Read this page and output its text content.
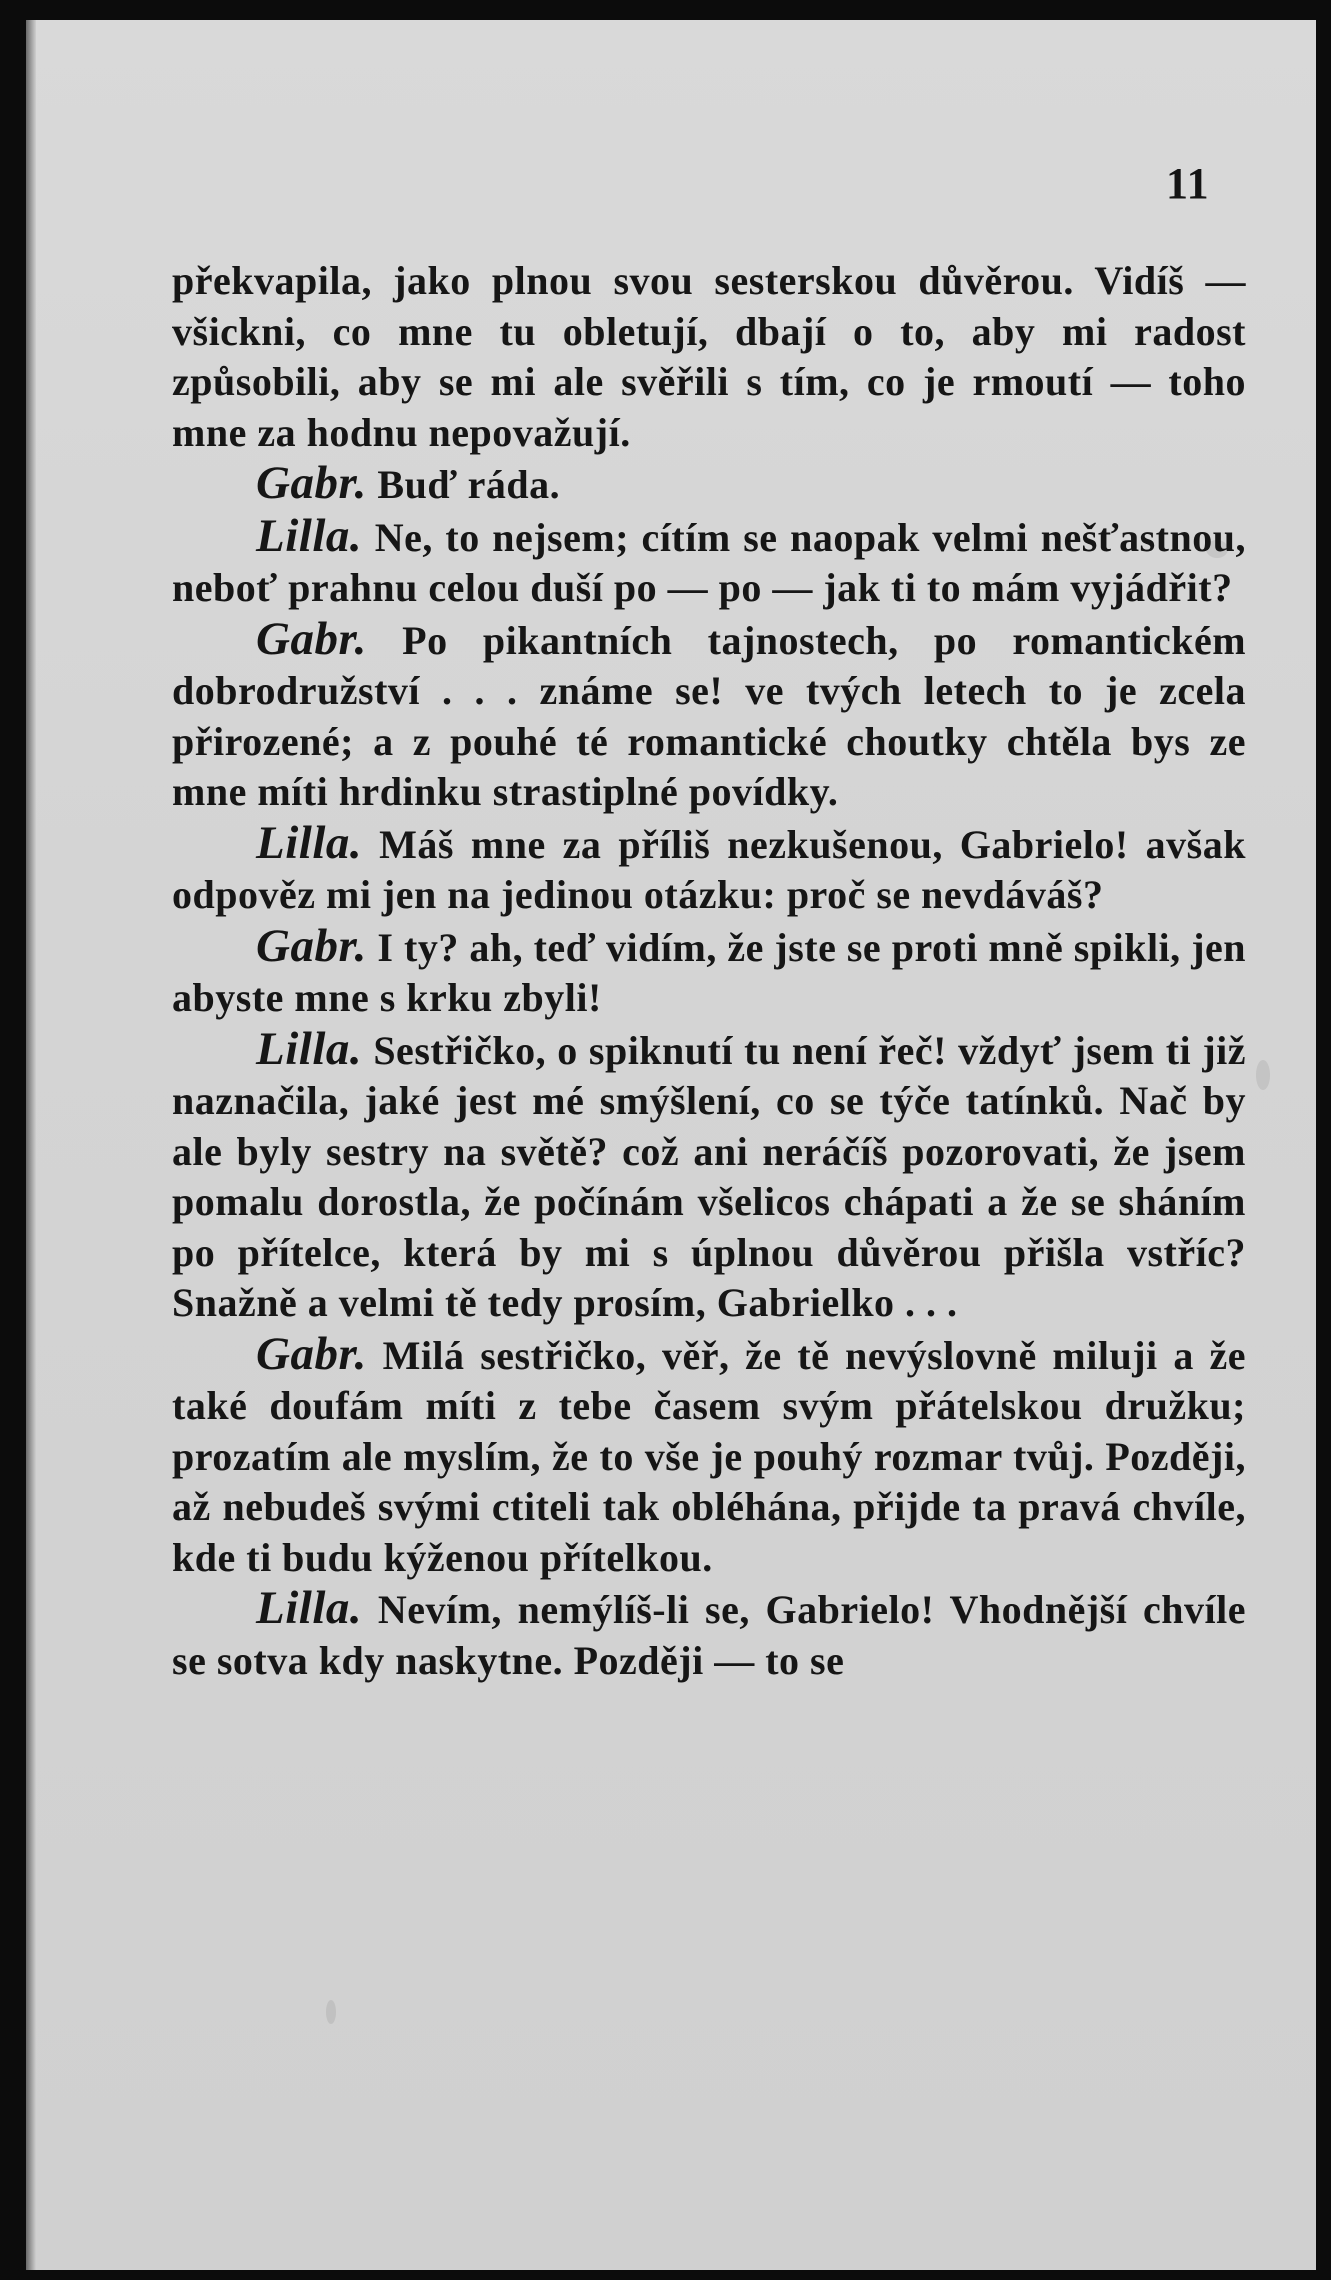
11

překvapila, jako plnou svou sesterskou důvěrou. Vidíš — všickni, co mne tu obletují, dbají o to, aby mi radost způsobili, aby se mi ale svěřili s tím, co je rmoutí — toho mne za hodnu nepovažují.

Gabr. Buď ráda.

Lilla. Ne, to nejsem; cítím se naopak velmi nešťastnou, neboť prahnu celou duší po — po — jak ti to mám vyjádřit?

Gabr. Po pikantních tajnostech, po romantickém dobrodružství . . . známe se! ve tvých letech to je zcela přirozené; a z pouhé té romantické choutky chtěla bys ze mne míti hrdinku strastiplné povídky.

Lilla. Máš mne za příliš nezkušenou, Gabrielo! avšak odpověz mi jen na jedinou otázku: proč se nevdáváš?

Gabr. I ty? ah, teď vidím, že jste se proti mně spikli, jen abyste mne s krku zbyli!

Lilla. Sestřičko, o spiknutí tu není řeč! vždyť jsem ti již naznačila, jaké jest mé smýšlení, co se týče tatínků. Nač by ale byly sestry na světě? což ani neráčíš pozorovati, že jsem pomalu dorostla, že počínám všelicos chápati a že se sháním po přítelce, která by mi s úplnou důvěrou přišla vstříc? Snažně a velmi tě tedy prosím, Gabrielko . . .

Gabr. Milá sestřičko, věř, že tě nevýslovně miluji a že také doufám míti z tebe časem svým přátelskou družku; prozatím ale myslím, že to vše je pouhý rozmar tvůj. Později, až nebudeš svými ctiteli tak obléhána, přijde ta pravá chvíle, kde ti budu kýženou přítelkou.

Lilla. Nevím, nemýlíš-li se, Gabrielo! Vhodnější chvíle se sotva kdy naskytne. Později — to se
